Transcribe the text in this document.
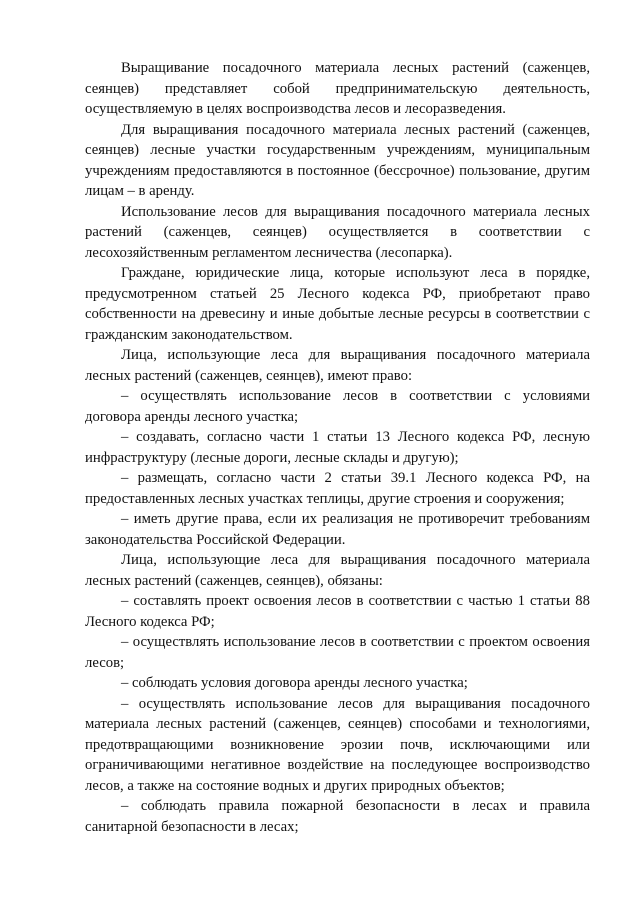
Выращивание посадочного материала лесных растений (саженцев, сеянцев) представляет собой предпринимательскую деятельность, осуществляемую в целях воспроизводства лесов и лесоразведения.

Для выращивания посадочного материала лесных растений (саженцев, сеянцев) лесные участки государственным учреждениям, муниципальным учреждениям предоставляются в постоянное (бессрочное) пользование, другим лицам – в аренду.

Использование лесов для выращивания посадочного материала лесных растений (саженцев, сеянцев) осуществляется в соответствии с лесохозяйственным регламентом лесничества (лесопарка).

Граждане, юридические лица, которые используют леса в порядке, предусмотренном статьей 25 Лесного кодекса РФ, приобретают право собственности на древесину и иные добытые лесные ресурсы в соответствии с гражданским законодательством.

Лица, использующие леса для выращивания посадочного материала лесных растений (саженцев, сеянцев), имеют право:

– осуществлять использование лесов в соответствии с условиями договора аренды лесного участка;

– создавать, согласно части 1 статьи 13 Лесного кодекса РФ, лесную инфраструктуру (лесные дороги, лесные склады и другую);

– размещать, согласно части 2 статьи 39.1 Лесного кодекса РФ, на предоставленных лесных участках теплицы, другие строения и сооружения;

– иметь другие права, если их реализация не противоречит требованиям законодательства Российской Федерации.

Лица, использующие леса для выращивания посадочного материала лесных растений (саженцев, сеянцев), обязаны:

– составлять проект освоения лесов в соответствии с частью 1 статьи 88 Лесного кодекса РФ;

– осуществлять использование лесов в соответствии с проектом освоения лесов;

– соблюдать условия договора аренды лесного участка;

– осуществлять использование лесов для выращивания посадочного материала лесных растений (саженцев, сеянцев) способами и технологиями, предотвращающими возникновение эрозии почв, исключающими или ограничивающими негативное воздействие на последующее воспроизводство лесов, а также на состояние водных и других природных объектов;

– соблюдать правила пожарной безопасности в лесах и правила санитарной безопасности в лесах;
